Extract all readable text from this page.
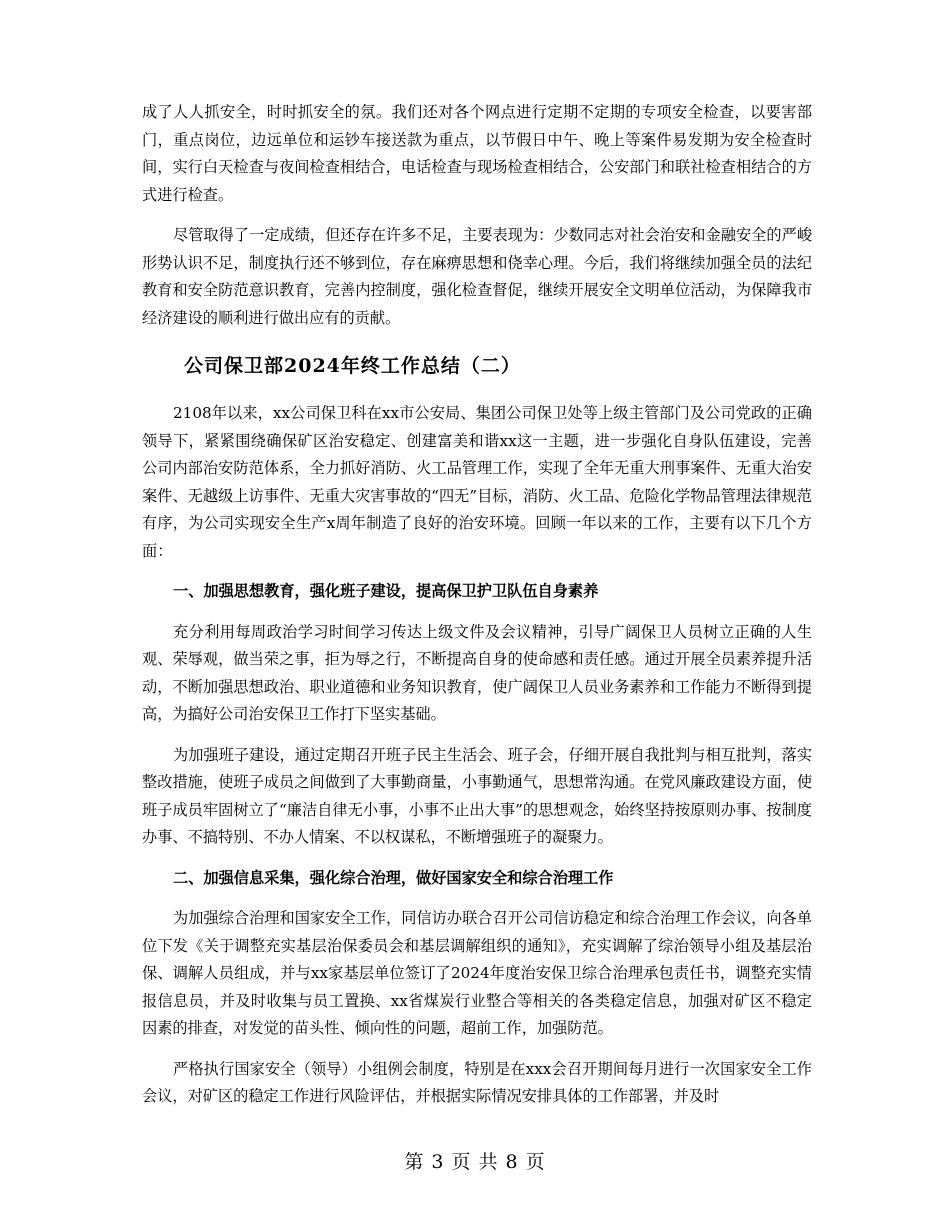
成了人人抓安全，时时抓安全的氛。我们还对各个网点进行定期不定期的专项安全检查，以要害部门，重点岗位，边远单位和运钞车接送款为重点，以节假日中午、晚上等案件易发期为安全检查时间，实行白天检查与夜间检查相结合，电话检查与现场检查相结合，公安部门和联社检查相结合的方式进行检查。

尽管取得了一定成绩，但还存在许多不足，主要表现为：少数同志对社会治安和金融安全的严峻形势认识不足，制度执行还不够到位，存在麻痹思想和侥幸心理。今后，我们将继续加强全员的法纪教育和安全防范意识教育，完善内控制度，强化检查督促，继续开展安全文明单位活动，为保障我市经济建设的顺利进行做出应有的贡献。

公司保卫部2024年终工作总结（二）

2108年以来，xx公司保卫科在xx市公安局、集团公司保卫处等上级主管部门及公司党政的正确领导下，紧紧围绕确保矿区治安稳定、创建富美和谐xx这一主题，进一步强化自身队伍建设，完善公司内部治安防范体系，全力抓好消防、火工品管理工作，实现了全年无重大刑事案件、无重大治安案件、无越级上访事件、无重大灾害事故的“四无”目标，消防、火工品、危险化学物品管理法律规范有序，为公司实现安全生产x周年制造了良好的治安环境。回顾一年以来的工作，主要有以下几个方面：

一、加强思想教育，强化班子建设，提高保卫护卫队伍自身素养

充分利用每周政治学习时间学习传达上级文件及会议精神，引导广阔保卫人员树立正确的人生观、荣辱观，做当荣之事，拒为辱之行，不断提高自身的使命感和责任感。通过开展全员素养提升活动，不断加强思想政治、职业道德和业务知识教育，使广阔保卫人员业务素养和工作能力不断得到提高，为搞好公司治安保卫工作打下坚实基础。

为加强班子建设，通过定期召开班子民主生活会、班子会，仔细开展自我批判与相互批判，落实整改措施，使班子成员之间做到了大事勤商量，小事勤通气，思想常沟通。在党风廉政建设方面，使班子成员牢固树立了“廉洁自律无小事，小事不止出大事”的思想观念，始终坚持按原则办事、按制度办事、不搞特别、不办人情案、不以权谋私，不断增强班子的凝聚力。

二、加强信息采集，强化综合治理，做好国家安全和综合治理工作

为加强综合治理和国家安全工作，同信访办联合召开公司信访稳定和综合治理工作会议，向各单位下发《关于调整充实基层治保委员会和基层调解组织的通知》，充实调解了综治领导小组及基层治保、调解人员组成，并与xx家基层单位签订了2024年度治安保卫综合治理承包责任书，调整充实情报信息员，并及时收集与员工置换、xx省煤炭行业整合等相关的各类稳定信息，加强对矿区不稳定因素的排查，对发觉的苗头性、倾向性的问题，超前工作，加强防范。

严格执行国家安全（领导）小组例会制度，特别是在xxx会召开期间每月进行一次国家安全工作会议，对矿区的稳定工作进行风险评估，并根据实际情况安排具体的工作部署，并及时

第 3 页 共 8 页
